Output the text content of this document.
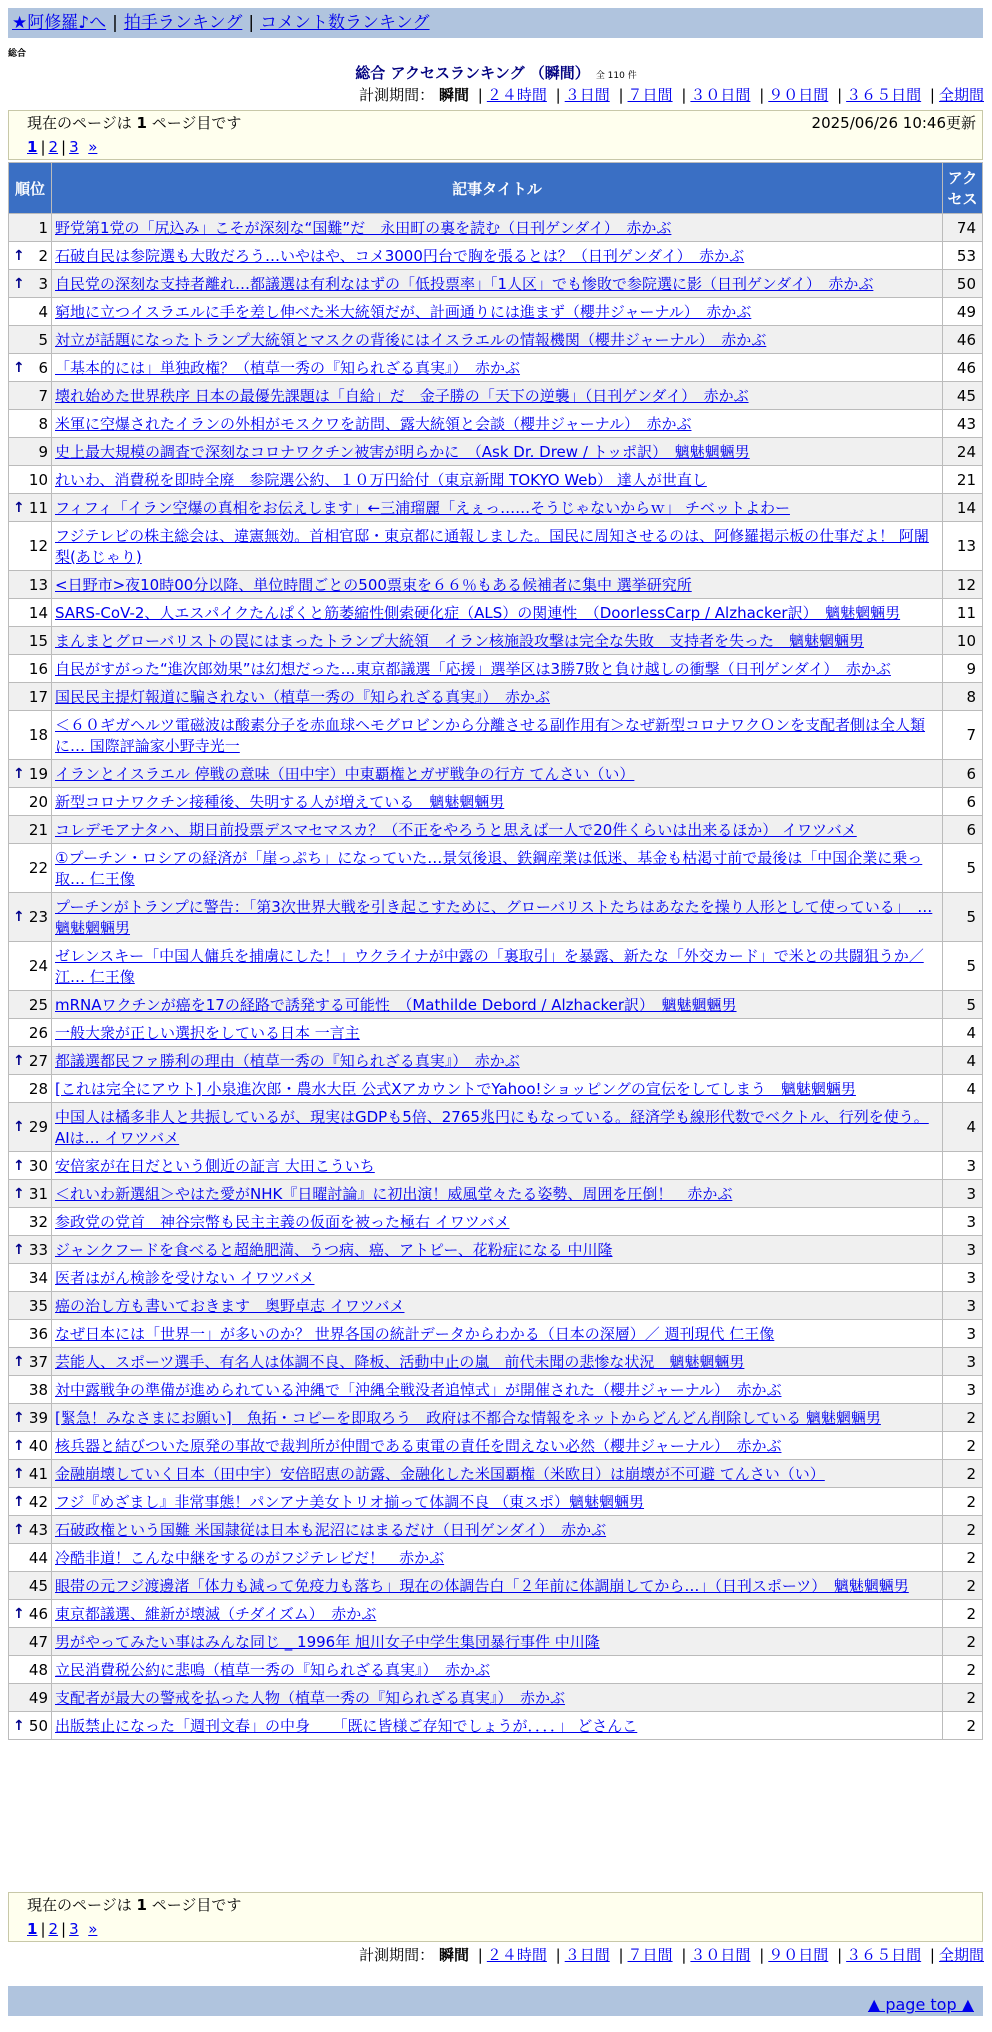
★阿修羅♪へ | 拍手ランキング | コメント数ランキング
総合
総合 アクセスランキング （瞬間） 全 110 件
計測期間： 瞬間 | ２４時間 | ３日間 | ７日間 | ３０日間 | ９０日間 | ３６５日間 | 全期間
現在のページは 1 ページ目です	2025/06/26 10:46更新
1 | 2 | 3 »
順位	記事タイトル	アクセス
1	野党第1党の「尻込み」こそが深刻な“国難”だ　永田町の裏を読む（日刊ゲンダイ）　赤かぶ	74

↑ 2	石破自民は参院選も大敗だろう…いやはや、コメ3000円台で胸を張るとは？（日刊ゲンダイ）　赤かぶ	53

↑ 3	自民党の深刻な支持者離れ…都議選は有利なはずの「低投票率」「1人区」でも惨敗で参院選に影（日刊ゲンダイ）　赤かぶ	50
4	窮地に立つイスラエルに手を差し伸べた米大統領だが、計画通りには進まず（櫻井ジャーナル）　赤かぶ	49
5	対立が話題になったトランプ大統領とマスクの背後にはイスラエルの情報機関（櫻井ジャーナル）　赤かぶ	46

↑ 6	「基本的には」単独政権？（植草一秀の『知られざる真実』）　赤かぶ	46
7	壊れ始めた世界秩序 日本の最優先課題は「自給」だ　金子勝の「天下の逆襲」（日刊ゲンダイ）　赤かぶ	45
8	米軍に空爆されたイランの外相がモスクワを訪問、露大統領と会談（櫻井ジャーナル）　赤かぶ	43
9	史上最大規模の調査で深刻なコロナワクチン被害が明らかに　（Ask Dr. Drew / トッポ訳）　魑魅魍魎男	24
10	れいわ、消費税を即時全廃　参院選公約、１０万円給付（東京新聞 TOKYO Web） 達人が世直し	21

↑ 11	フィフィ「イラン空爆の真相をお伝えします」←三浦瑠麗「えぇっ……そうじゃないからｗ」 チベットよわー	14
12	フジテレビの株主総会は、違憲無効。首相官邸・東京都に通報しました。国民に周知させるのは、阿修羅掲示板の仕事だよ！ 阿闍梨(あじゃり)	13
13	<日野市>夜10時00分以降、単位時間ごとの500票束を６６％もある候補者に集中 選挙研究所	12
14	SARS-CoV-2、人エスパイクたんぱくと筋萎縮性側索硬化症（ALS）の関連性　（DoorlessCarp / Alzhacker訳）　魑魅魍魎男	11
15	まんまとグローバリストの罠にはまったトランプ大統領　イラン核施設攻撃は完全な失敗　支持者を失った　魑魅魍魎男	10
16	自民がすがった“進次郎効果”は幻想だった…東京都議選「応援」選挙区は3勝7敗と負け越しの衝撃（日刊ゲンダイ）　赤かぶ	9
17	国民民主提灯報道に騙されない（植草一秀の『知られざる真実』）　赤かぶ	8
18	＜６０ギガヘルツ電磁波は酸素分子を赤血球ヘモグロビンから分離させる副作用有＞なぜ新型コロナワクＯンを支配者側は全人類に… 国際評論家小野寺光一	7

↑ 19	イランとイスラエル 停戦の意味（田中宇）中東覇権とガザ戦争の行方 てんさい（い）	6
20	新型コロナワクチン接種後、失明する人が増えている　魑魅魍魎男	6
21	コレデモアナタハ、期日前投票デスマセマスカ？（不正をやろうと思えば一人で20件くらいは出来るほか） イワツバメ	6
22	①プーチン・ロシアの経済が「崖っぷち」になっていた…景気後退、鉄鋼産業は低迷、基金も枯渇寸前で最後は「中国企業に乗っ取… 仁王像	5

↑ 23	プーチンがトランプに警告：「第3次世界大戦を引き起こすために、グローバリストたちはあなたを操り人形として使っている」　… 魑魅魍魎男	5
24	ゼレンスキー「中国人傭兵を捕虜にした！」ウクライナが中露の「裏取引」を暴露、新たな「外交カード」で米との共闘狙うか／江… 仁王像	5
25	mRNAワクチンが癌を17の経路で誘発する可能性　（Mathilde Debord / Alzhacker訳）　魑魅魍魎男	5
26	一般大衆が正しい選択をしている日本 一言主	4

↑ 27	都議選都民ファ勝利の理由（植草一秀の『知られざる真実』）　赤かぶ	4
28	[これは完全にアウト] 小泉進次郎・農水大臣 公式XアカウントでYahoo!ショッピングの宣伝をしてしまう　魑魅魍魎男	4

↑ 29	中国人は橘多非人と共振しているが、現実はGDPも5倍、2765兆円にもなっている。経済学も線形代数でベクトル、行列を使う。AIは… イワツバメ	4

↑ 30	安倍家が在日だという側近の証言 大田こういち	3

↑ 31	＜れいわ新選組＞やはた愛がNHK『日曜討論』に初出演！威風堂々たる姿勢、周囲を圧倒！　赤かぶ	3
32	参政党の党首　神谷宗幣も民主主義の仮面を被った極右 イワツバメ	3

↑ 33	ジャンクフードを食べると超絶肥満、うつ病、癌、アトピー、花粉症になる 中川隆	3
34	医者はがん検診を受けない イワツバメ	3
35	癌の治し方も書いておきます　奥野卓志 イワツバメ	3
36	なぜ日本には「世界一」が多いのか？ 世界各国の統計データからわかる（日本の深層）／ 週刊現代 仁王像	3

↑ 37	芸能人、スポーツ選手、有名人は体調不良、降板、活動中止の嵐　前代未聞の悲惨な状況　魑魅魍魎男	3
38	対中露戦争の準備が進められている沖縄で「沖縄全戦没者追悼式」が開催された（櫻井ジャーナル）　赤かぶ	3

↑ 39	[緊急！みなさまにお願い]　魚拓・コピーを即取ろう　政府は不都合な情報をネットからどんどん削除している 魑魅魍魎男	2

↑ 40	核兵器と結びついた原発の事故で裁判所が仲間である東電の責任を問えない必然（櫻井ジャーナル）　赤かぶ	2

↑ 41	金融崩壊していく日本（田中宇）安倍昭恵の訪露、金融化した米国覇権（米欧日）は崩壊が不可避 てんさい（い）	2

↑ 42	フジ『めざまし』非常事態！パンアナ美女トリオ揃って体調不良 （東スポ）魑魅魍魎男	2

↑ 43	石破政権という国難 米国隷従は日本も泥沼にはまるだけ（日刊ゲンダイ）　赤かぶ	2
44	冷酷非道！こんな中継をするのがフジテレビだ！　赤かぶ	2
45	眼帯の元フジ渡邊渚「体力も減って免疫力も落ち」現在の体調告白「２年前に体調崩してから…」（日刊スポーツ）　魑魅魍魎男	2

↑ 46	東京都議選、維新が壊滅（チダイズム）　赤かぶ	2
47	男がやってみたい事はみんな同じ _ 1996年 旭川女子中学生集団暴行事件 中川隆	2
48	立民消費税公約に悲鳴（植草一秀の『知られざる真実』）　赤かぶ	2
49	支配者が最大の警戒を払った人物（植草一秀の『知られざる真実』）　赤かぶ	2

↑ 50	出版禁止になった「週刊文春」の中身　　「既に皆様ご存知でしょうが．．．．」 どさんこ	2
現在のページは 1 ページ目です
1 | 2 | 3 »
計測期間： 瞬間 | ２４時間 | ３日間 | ７日間 | ３０日間 | ９０日間 | ３６５日間 | 全期間
▲ page top ▲
